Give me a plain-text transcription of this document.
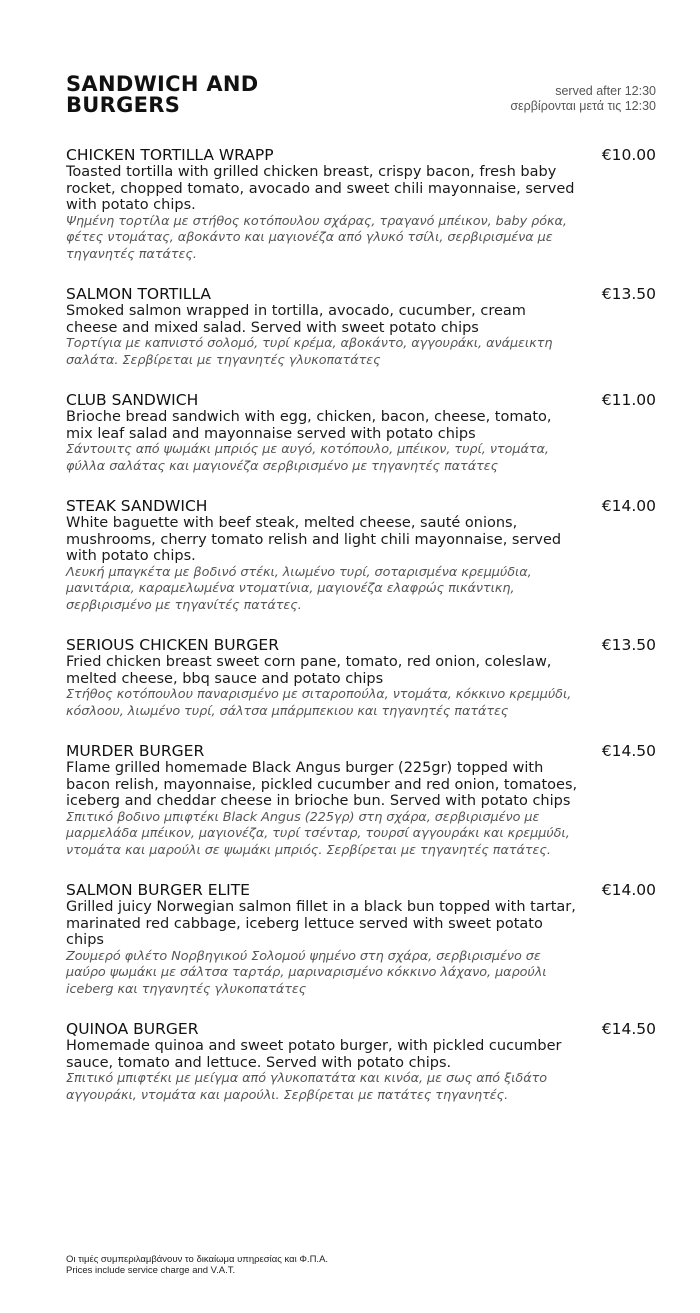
SANDWICH AND BURGERS
served after 12:30
σερβίρονται μετά τις 12:30
CHICKEN TORTILLA WRAPP	€10.00
Toasted tortilla with grilled chicken breast, crispy bacon, fresh baby rocket, chopped tomato, avocado and sweet chili mayonnaise, served with potato chips.
Ψημένη τορτίλα με στήθος κοτόπουλου σχάρας, τραγανό μπέικον, baby ρόκα, φέτες ντομάτας, αβοκάντο και μαγιονέζα από γλυκό τσίλι, σερβιρισμένα με τηγανητές πατάτες.
SALMON TORTILLA	€13.50
Smoked salmon wrapped in tortilla, avocado, cucumber, cream cheese and mixed salad. Served with sweet potato chips
Τορτίγια με καπνιστό σολομό, τυρί κρέμα, αβοκάντο, αγγουράκι, ανάμεικτη σαλάτα. Σερβίρεται με τηγανητές γλυκοπατάτες
CLUB SANDWICH	€11.00
Brioche bread sandwich with egg, chicken, bacon, cheese, tomato, mix leaf salad and mayonnaise served with potato chips
Σάντουιτς από ψωμάκι μπριός με αυγό, κοτόπουλο, μπέικον, τυρί, ντομάτα, φύλλα σαλάτας και μαγιονέζα σερβιρισμένο με τηγανητές πατάτες
STEAK SANDWICH	€14.00
White baguette with beef steak, melted cheese, sauté onions, mushrooms, cherry tomato relish and light chili mayonnaise, served with potato chips.
Λευκή μπαγκέτα με βοδινό στέκι, λιωμένο τυρί, σοταρισμένα κρεμμύδια, μανιτάρια, καραμελωμένα ντοματίνια, μαγιονέζα ελαφρώς πικάντικη, σερβιρισμένο με τηγανίτές πατάτες.
SERIOUS CHICKEN BURGER	€13.50
Fried chicken breast sweet corn pane, tomato, red onion, coleslaw, melted cheese, bbq sauce and potato chips
Στήθος κοτόπουλου παναρισμένο με σιταροπούλα, ντομάτα, κόκκινο κρεμμύδι, κόσλοου, λιωμένο τυρί, σάλτσα μπάρμπεκιου και τηγανητές πατάτες
MURDER BURGER	€14.50
Flame grilled homemade Black Angus burger (225gr) topped with bacon relish, mayonnaise, pickled cucumber and red onion, tomatoes, iceberg and cheddar cheese in brioche bun. Served with potato chips
Σπιτικό βοδινο μπιφτέκι Black Angus (225γρ) στη σχάρα, σερβιρισμένο με μαρμελάδα μπέικον, μαγιονέζα, τυρί τσένταρ, τουρσί αγγουράκι και κρεμμύδι, ντομάτα και μαρούλι σε ψωμάκι μπριός. Σερβίρεται με τηγανητές πατάτες.
SALMON BURGER ELITE	€14.00
Grilled juicy Norwegian salmon fillet in a black bun topped with tartar, marinated red cabbage, iceberg lettuce served with sweet potato chips
Ζουμερό φιλέτο Νορβηγικού Σολομού ψημένο στη σχάρα, σερβιρισμένο σε μαύρο ψωμάκι με σάλτσα ταρτάρ, μαριναρισμένο κόκκινο λάχανο, μαρούλι iceberg και τηγανητές γλυκοπατάτες
QUINOA BURGER	€14.50
Homemade quinoa and sweet potato burger, with pickled cucumber sauce, tomato and lettuce. Served with potato chips.
Σπιτικό μπιφτέκι με μείγμα από γλυκοπατάτα και κινόα, με σως από ξιδάτο αγγουράκι, ντομάτα και μαρούλι. Σερβίρεται με πατάτες τηγανητές.
Οι τιμές συμπεριλαμβάνουν το δικαίωμα υπηρεσίας και Φ.Π.Α.
Prices include service charge and V.A.T.
